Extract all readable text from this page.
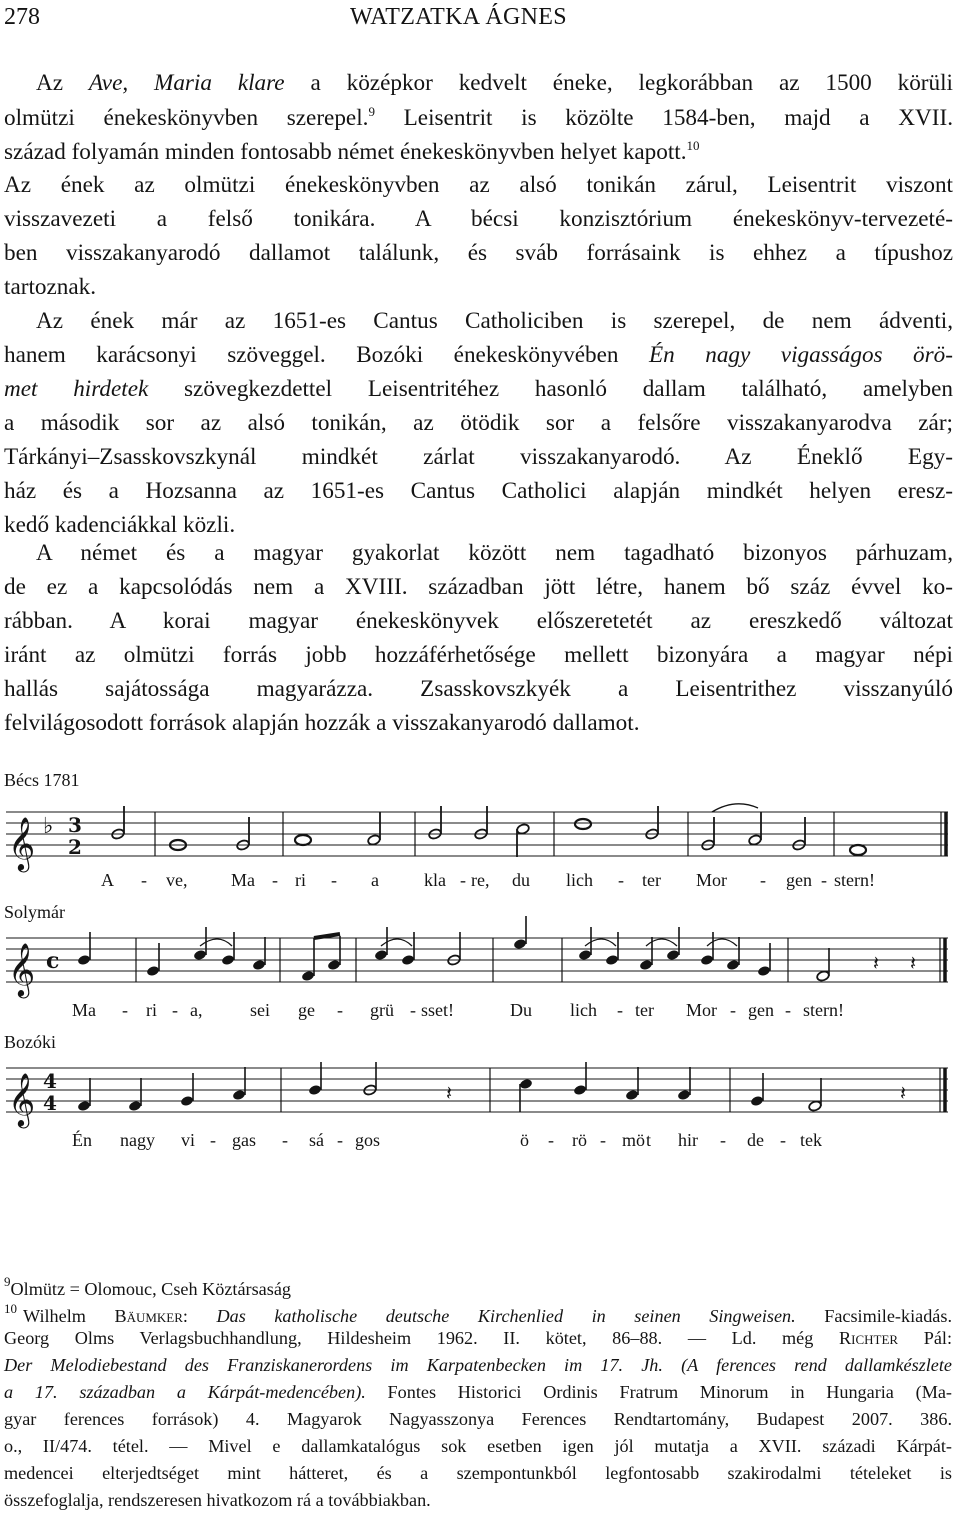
278	WATZATKA ÁGNES
Az Ave, Maria klare a középkor kedvelt éneke, legkorábban az 1500 körüli
olmützi énekeskönyvben szerepel.$^9$ Leisentrit is közölte 1584-ben, majd a XVII.
század folyamán minden fontosabb német énekeskönyvben helyet kapott.$^{10}$
Az ének az olmützi énekeskönyvben az alsó tonikán zárul, Leisentrit viszont
visszavezeti a felső tonikára. A bécsi konzisztórium énekeskönyv-tervezeté-
ben visszakanyarodó dallamot találunk, és sváb forrásaink is ehhez a típushoz
tartoznak.
Az ének már az 1651-es Cantus Catholiciben is szerepel, de nem ádventi,
hanem karácsonyi szöveggel. Bozóki énekeskönyvében Én nagy vigasságos örö-
met hirdetek szövegkezdettel Leisentritéhez hasonló dallam található, amelyben
a második sor az alsó tonikán, az ötödik sor a felsőre visszakanyarodva zár;
Tárkányi–Zsasskovszkynál mindkét zárlat visszakanyarodó. Az Éneklő Egy-
ház és a Hozsanna az 1651-es Cantus Catholici alapján mindkét helyen eresz-
kedő kadenciákkal közli.
A német és a magyar gyakorlat között nem tagadható bizonyos párhuzam,
de ez a kapcsolódás nem a XVIII. században jött létre, hanem bő száz évvel ko-
rábban. A korai magyar énekeskönyvek előszeretetét az ereszkedő változat
iránt az olmützi forrás jobb hozzáférhetősége mellett bizonyára a magyar népi
hallás sajátossága magyarázza. Zsasskovszkyék a Leisentrithez visszanyúló
felvilágosodott források alapján hozzák a visszakanyarodó dallamot.
Bécs 1781
Solymár
Bozóki
𝄞 ♭ 3
2
𝄞 c	𝄽 𝄽
𝄞 4
4	𝄽	𝄽
A - ve, Ma - ri - a	kla - re, du lich - ter Mor - gen - stern!
Ma - ri - a,	sei ge - grü - sset!	Du lich - ter Mor - gen - stern!
Én nagy vi - gas - sá - gos	ö - rö - mö t hir - de - tek
$^9$Olmütz = Olomouc, Cseh Köztársaság
$^{10}$ Wilhelm Bäumker: Das katholische deutsche Kirchenlied in seinen Singweisen. Facsimile-kiadás.
Georg Olms Verlagsbuchhandlung, Hildesheim 1962. II. kötet, 86–88. — Ld. még Richter Pál:
Der Melodiebestand des Franziskanerordens im Karpatenbecken im 17. Jh. (A ferences rend dallamkészlete
a 17. században a Kárpát-medencében). Fontes Historici Ordinis Fratrum Minorum in Hungaria (Ma-
gyar ferences források) 4. Magyarok Nagyasszonya Ferences Rendtartomány, Budapest 2007. 386.
o., II/474. tétel. — Mivel e dallamkatalógus sok esetben igen jól mutatja a XVII. századi Kárpát-
medencei elterjedtséget mint hátteret, és a szempontunkból legfontosabb szakirodalmi tételeket is
összefoglalja, rendszeresen hivatkozom rá a továbbiakban.
